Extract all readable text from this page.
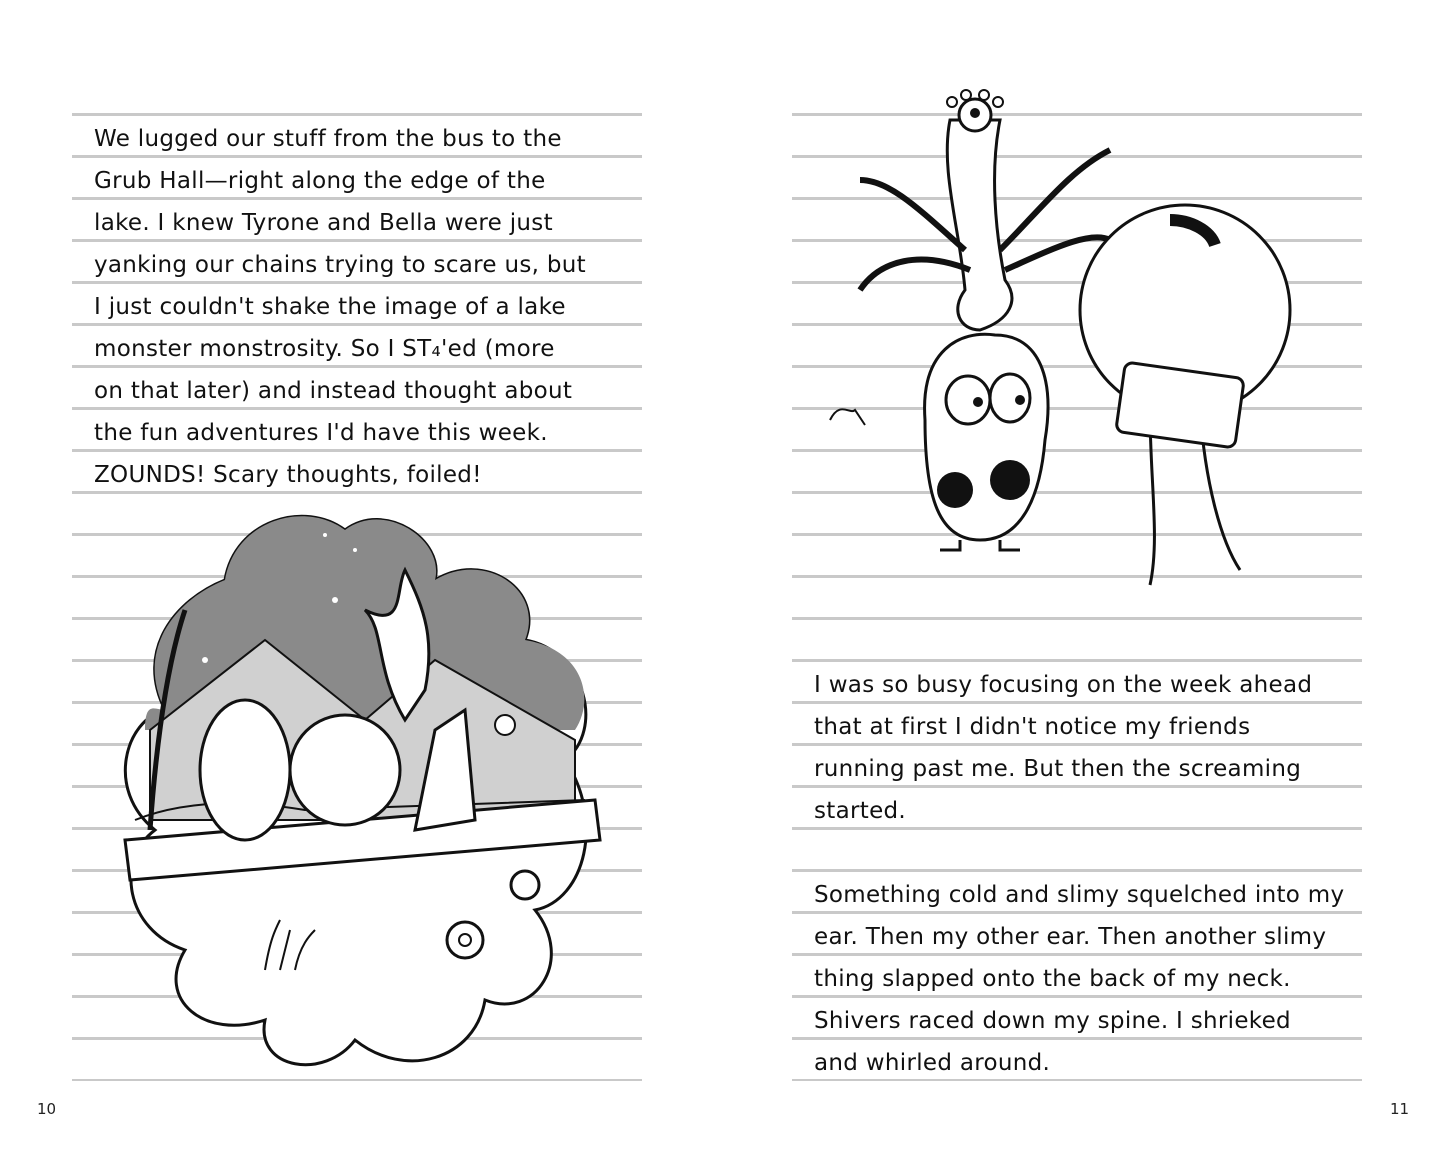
We lugged our stuff from the bus to the
Grub Hall—right along the edge of the
lake. I knew Tyrone and Bella were just
yanking our chains trying to scare us, but
I just couldn't shake the image of a lake
monster monstrosity. So I ST₄'ed (more
on that later) and instead thought about
the fun adventures I'd have this week.
ZOUNDS! Scary thoughts, foiled!
I was so busy focusing on the week ahead
that at first I didn't notice my friends
running past me. But then the screaming
started.
Something cold and slimy squelched into my
ear. Then my other ear. Then another slimy
thing slapped onto the back of my neck.
Shivers raced down my spine. I shrieked
and whirled around.
10	11
